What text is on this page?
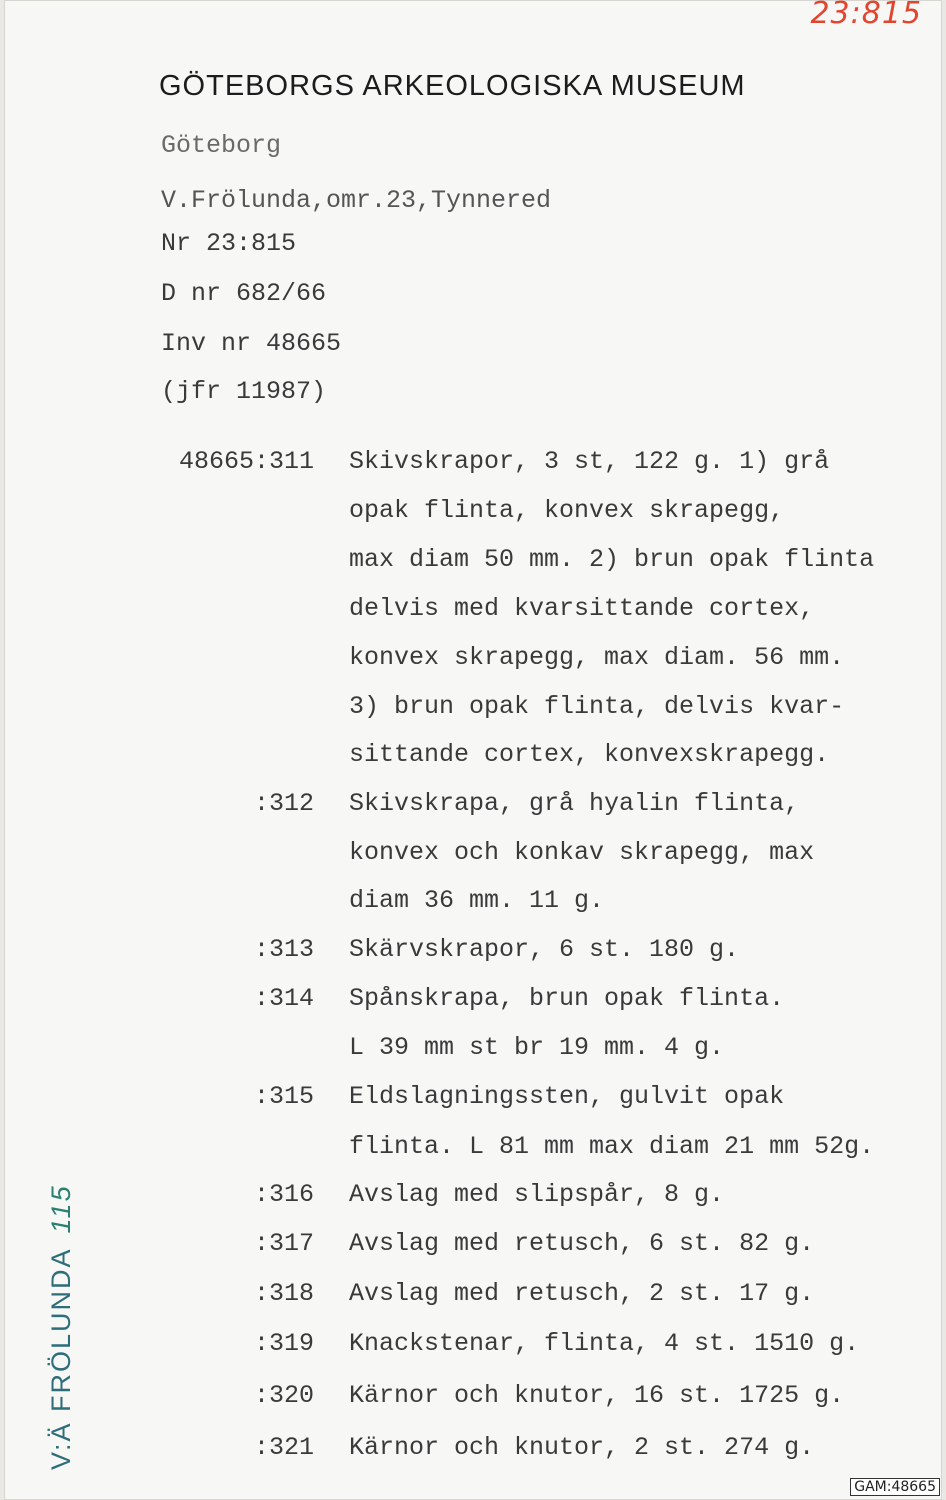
23:815
GÖTEBORGS ARKEOLOGISKA MUSEUM
Göteborg
V.Frölunda,omr.23,Tynnered
Nr 23:815
D nr 682/66
Inv nr 48665
(jfr 11987)
48665:311 Skivskrapor, 3 st, 122 g. 1) grå
opak flinta, konvex skrapegg,
max diam 50 mm. 2) brun opak flinta
delvis med kvarsittande cortex,
konvex skrapegg, max diam. 56 mm.
3) brun opak flinta, delvis kvar-
sittande cortex, konvexskrapegg.
:312 Skivskrapa, grå hyalin flinta,
konvex och konkav skrapegg, max
diam 36 mm. 11 g.
:313 Skärvskrapor, 6 st. 180 g.
:314 Spånskrapa, brun opak flinta.
L 39 mm st br 19 mm. 4 g.
:315 Eldslagningssten, gulvit opak
flinta. L 81 mm max diam 21 mm 52g.
:316 Avslag med slipspår, 8 g.
:317 Avslag med retusch, 6 st. 82 g.
:318 Avslag med retusch, 2 st. 17 g.
:319 Knackstenar, flinta, 4 st. 1510 g.
:320 Kärnor och knutor, 16 st. 1725 g.
:321 Kärnor och knutor, 2 st. 274 g.
V:Ä FRÖLUNDA115
GAM:48665
